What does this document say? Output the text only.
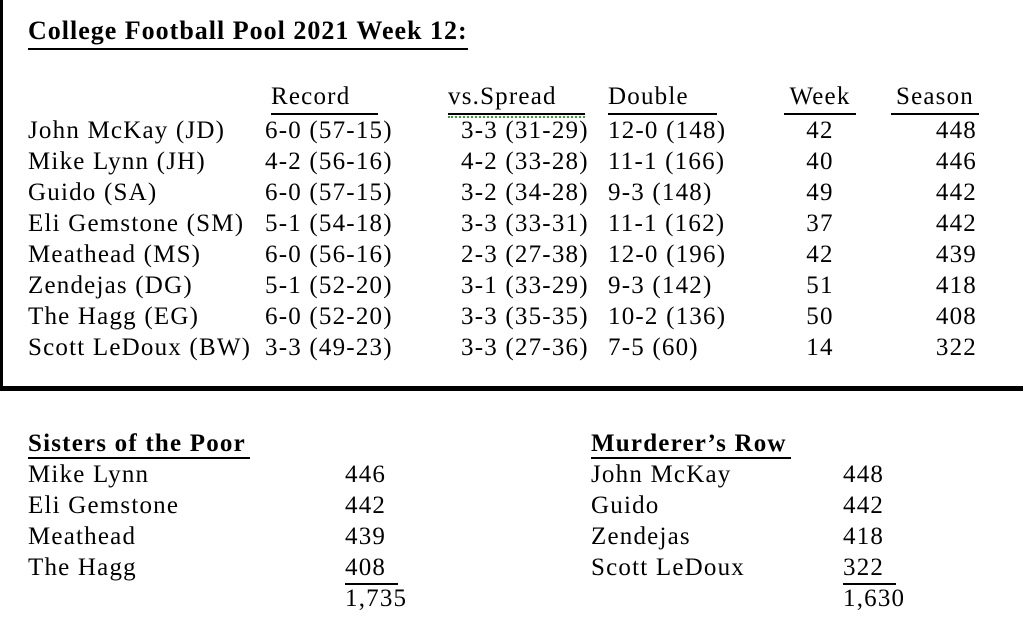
College Football Pool 2021 Week 12:
	Record	vs.Spread	Double	Week	Season
John McKay (JD)	6-0 (57-15)	3-3 (31-29)	12-0 (148)	42	448
Mike Lynn (JH)	4-2 (56-16)	4-2 (33-28)	11-1 (166)	40	446
Guido (SA)	6-0 (57-15)	3-2 (34-28)	9-3 (148)	49	442
Eli Gemstone (SM)	5-1 (54-18)	3-3 (33-31)	11-1 (162)	37	442
Meathead (MS)	6-0 (56-16)	2-3 (27-38)	12-0 (196)	42	439
Zendejas (DG)	5-1 (52-20)	3-1 (33-29)	9-3 (142)	51	418
The Hagg (EG)	6-0 (52-20)	3-3 (35-35)	10-2 (136)	50	408
Scott LeDoux (BW)	3-3 (49-23)	3-3 (27-36)	7-5 (60)	14	322
Sisters of the Poor
Mike Lynn	446
Eli Gemstone	442
Meathead	439
The Hagg	408
1,735
Murderer’s Row
John McKay	448
Guido	442
Zendejas	418
Scott LeDoux	322
1,630
